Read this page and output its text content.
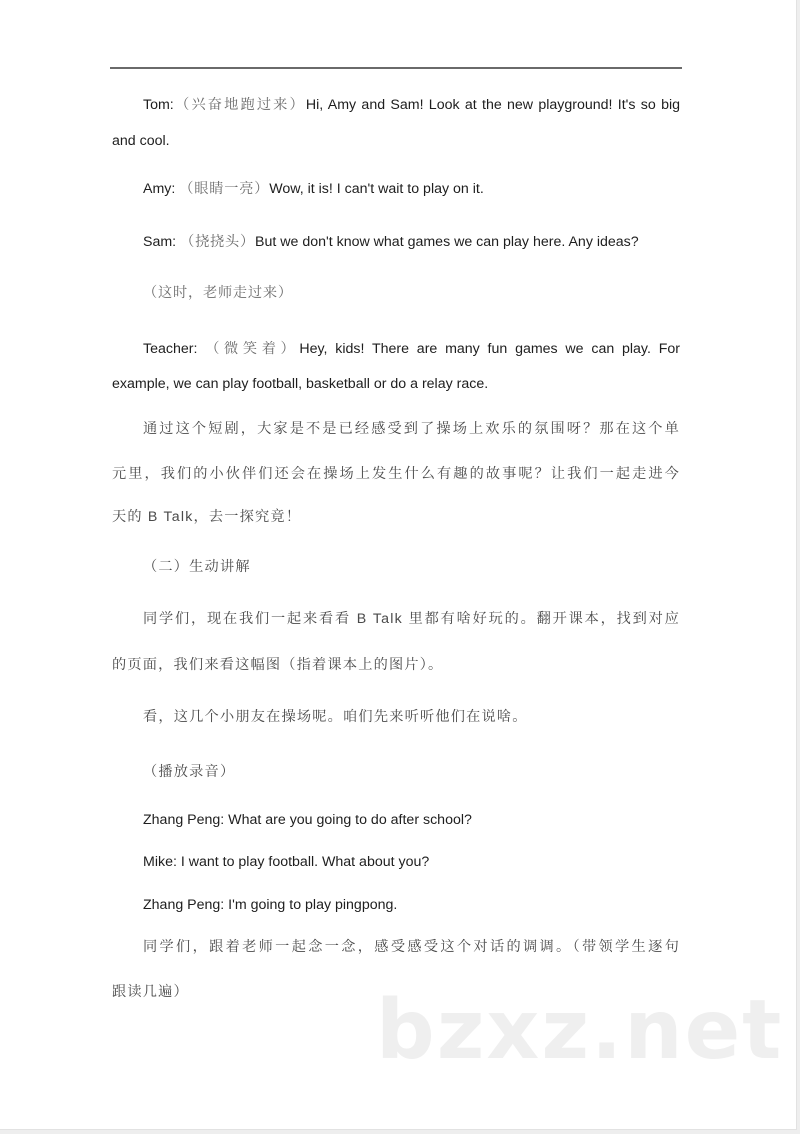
Tom:（兴奋地跑过来）Hi, Amy and Sam! Look at the new playground! It's so big
and cool.
Amy: （眼睛一亮）Wow, it is! I can't wait to play on it.
Sam: （挠挠头）But we don't know what games we can play here. Any ideas?
（这时，老师走过来）
Teacher: （微笑着）Hey, kids! There are many fun games we can play. For
example, we can play football, basketball or do a relay race.
通过这个短剧，大家是不是已经感受到了操场上欢乐的氛围呀？那在这个单
元里，我们的小伙伴们还会在操场上发生什么有趣的故事呢？让我们一起走进今
天的 B Talk，去一探究竟！
（二）生动讲解
同学们，现在我们一起来看看 B Talk 里都有啥好玩的。翻开课本，找到对应
的页面，我们来看这幅图（指着课本上的图片）。
看，这几个小朋友在操场呢。咱们先来听听他们在说啥。
（播放录音）
Zhang Peng: What are you going to do after school?
Mike: I want to play football. What about you?
Zhang Peng: I'm going to play pingpong.
同学们，跟着老师一起念一念，感受感受这个对话的调调。（带领学生逐句
跟读几遍）	bzxz.net
